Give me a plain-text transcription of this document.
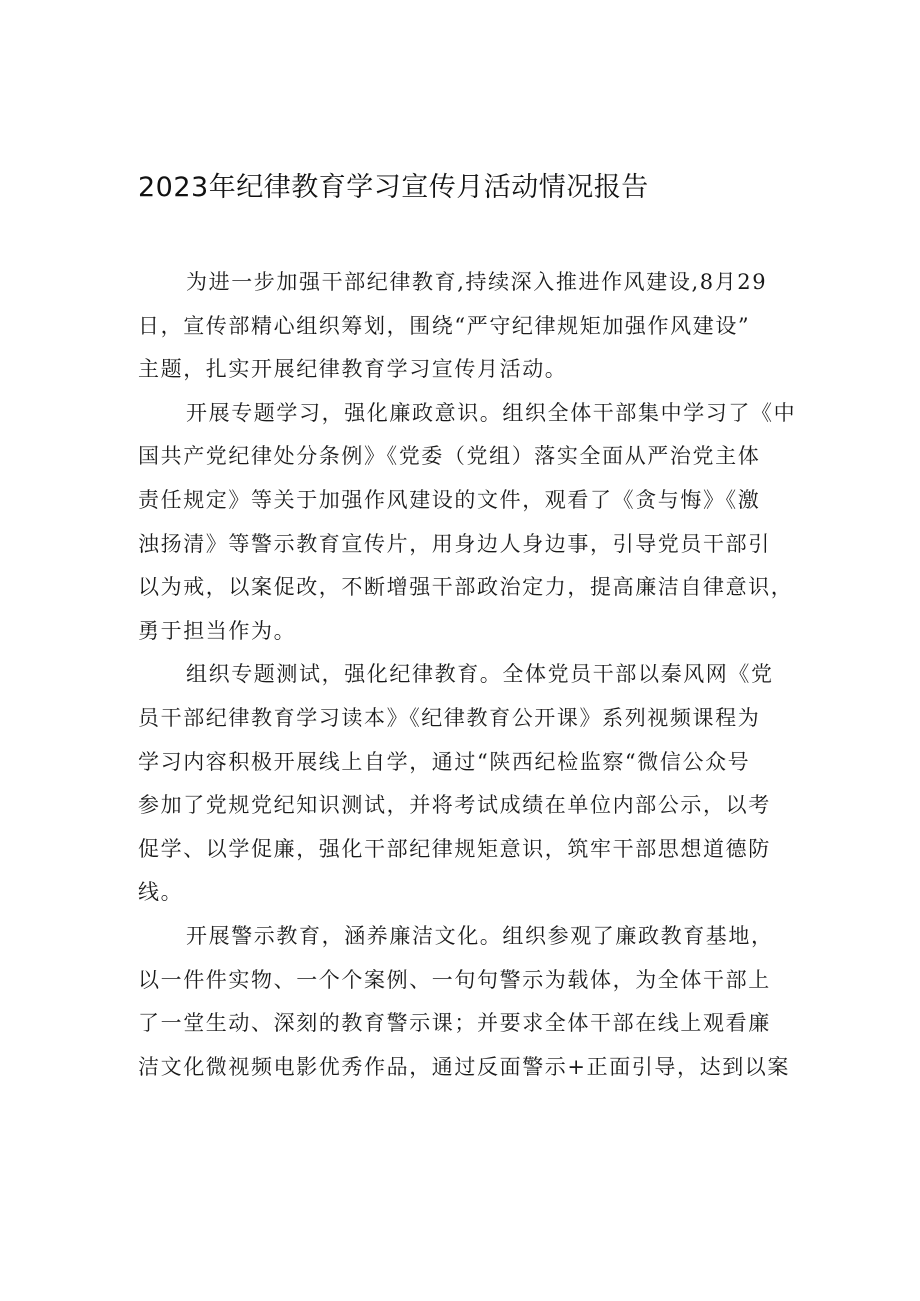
2023年纪律教育学习宣传月活动情况报告

为进一步加强干部纪律教育,持续深入推进作风建设,8月29
日，宣传部精心组织筹划，围绕“严守纪律规矩加强作风建设”
主题，扎实开展纪律教育学习宣传月活动。

开展专题学习，强化廉政意识。组织全体干部集中学习了《中
国共产党纪律处分条例》《党委（党组）落实全面从严治党主体
责任规定》等关于加强作风建设的文件，观看了《贪与悔》《激
浊扬清》等警示教育宣传片，用身边人身边事，引导党员干部引
以为戒，以案促改，不断增强干部政治定力，提高廉洁自律意识，
勇于担当作为。

组织专题测试，强化纪律教育。全体党员干部以秦风网《党
员干部纪律教育学习读本》《纪律教育公开课》系列视频课程为
学习内容积极开展线上自学，通过“陕西纪检监察“微信公众号
参加了党规党纪知识测试，并将考试成绩在单位内部公示，以考
促学、以学促廉，强化干部纪律规矩意识，筑牢干部思想道德防
线。

开展警示教育，涵养廉洁文化。组织参观了廉政教育基地，
以一件件实物、一个个案例、一句句警示为载体，为全体干部上
了一堂生动、深刻的教育警示课；并要求全体干部在线上观看廉
洁文化微视频电影优秀作品，通过反面警示+正面引导，达到以案
